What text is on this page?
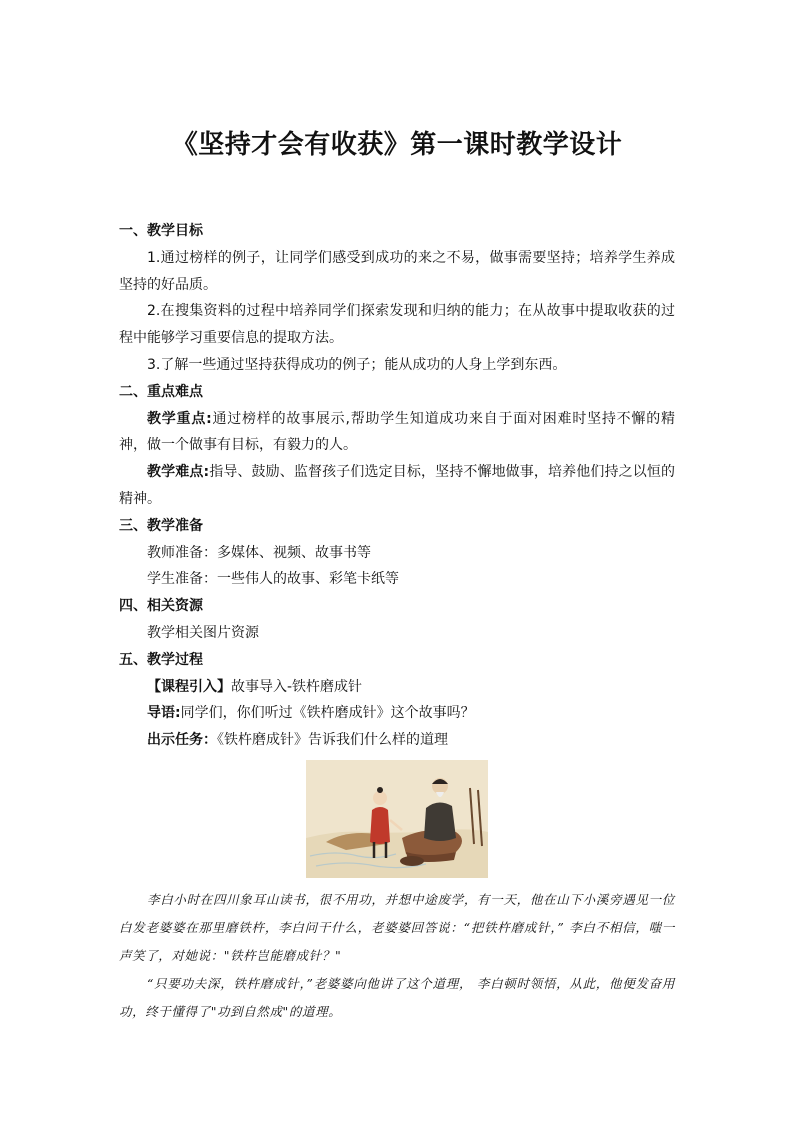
《坚持才会有收获》第一课时教学设计

一、教学目标

1.通过榜样的例子，让同学们感受到成功的来之不易，做事需要坚持；培养学生养成坚持的好品质。

2.在搜集资料的过程中培养同学们探索发现和归纳的能力；在从故事中提取收获的过程中能够学习重要信息的提取方法。

3.了解一些通过坚持获得成功的例子；能从成功的人身上学到东西。

二、重点难点

教学重点:通过榜样的故事展示,帮助学生知道成功来自于面对困难时坚持不懈的精神，做一个做事有目标，有毅力的人。

教学难点:指导、鼓励、监督孩子们选定目标，坚持不懈地做事，培养他们持之以恒的精神。

三、教学准备

教师准备：多媒体、视频、故事书等

学生准备：一些伟人的故事、彩笔卡纸等

四、相关资源

教学相关图片资源

五、教学过程

【课程引入】故事导入-铁杵磨成针

导语:同学们，你们听过《铁杵磨成针》这个故事吗？

出示任务：《铁杵磨成针》告诉我们什么样的道理

李白小时在四川象耳山读书，很不用功，并想中途废学，有一天，他在山下小溪旁遇见一位白发老婆婆在那里磨铁杵，李白问干什么，老婆婆回答说：“把铁杵磨成针，” 李白不相信，嗤一声笑了，对她说："铁杵岂能磨成针？"

“只要功夫深，铁杵磨成针，”老婆婆向他讲了这个道理， 李白顿时领悟，从此，他便发奋用功，终于懂得了"功到自然成"的道理。
